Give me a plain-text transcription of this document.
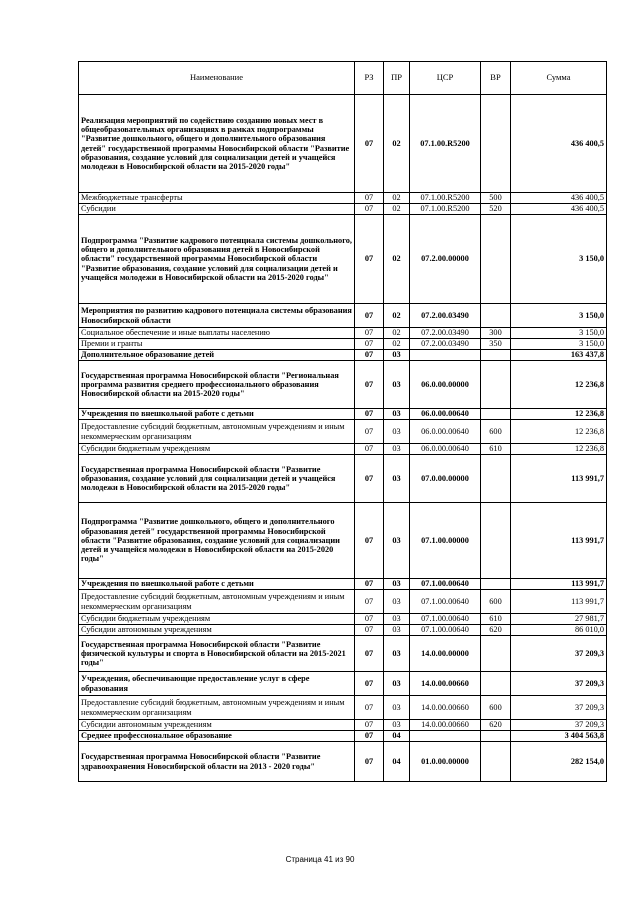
Наименование	РЗ	ПР	ЦСР	ВР	Сумма
Реализация мероприятий по содействию созданию новых мест в общеобразовательных организациях в рамках подпрограммы "Развитие дошкольного, общего и дополнительного образования детей" государственной программы Новосибирской области "Развитие образования, создание условий для социализации детей и учащейся молодежи в Новосибирской области на 2015-2020 годы"	07	02	07.1.00.R5200		436 400,5
Межбюджетные трансферты	07	02	07.1.00.R5200	500	436 400,5
Субсидии	07	02	07.1.00.R5200	520	436 400,5
Подпрограмма "Развитие кадрового потенциала системы дошкольного, общего и дополнительного образования детей в Новосибирской области" государственной программы Новосибирской области "Развитие образования, создание условий для социализации детей и учащейся молодежи в Новосибирской области на 2015-2020 годы"	07	02	07.2.00.00000		3 150,0
Мероприятия по развитию кадрового потенциала системы образования Новосибирской области	07	02	07.2.00.03490		3 150,0
Социальное обеспечение и иные выплаты населению	07	02	07.2.00.03490	300	3 150,0
Премии и гранты	07	02	07.2.00.03490	350	3 150,0
Дополнительное образование детей	07	03			163 437,8
Государственная программа Новосибирской области "Региональная программа развития среднего профессионального образования Новосибирской области на 2015-2020 годы"	07	03	06.0.00.00000		12 236,8
Учреждения по внешкольной работе с детьми	07	03	06.0.00.00640		12 236,8
Предоставление субсидий бюджетным, автономным учреждениям и иным некоммерческим организациям	07	03	06.0.00.00640	600	12 236,8
Субсидии бюджетным учреждениям	07	03	06.0.00.00640	610	12 236,8
Государственная программа Новосибирской области "Развитие образования, создание условий для социализации детей и учащейся молодежи в Новосибирской области на 2015-2020 годы"	07	03	07.0.00.00000		113 991,7
Подпрограмма "Развитие дошкольного, общего и дополнительного образования детей" государственной программы Новосибирской области "Развитие образования, создание условий для социализации детей и учащейся молодежи в Новосибирской области на 2015-2020 годы"	07	03	07.1.00.00000		113 991,7
Учреждения по внешкольной работе с детьми	07	03	07.1.00.00640		113 991,7
Предоставление субсидий бюджетным, автономным учреждениям и иным некоммерческим организациям	07	03	07.1.00.00640	600	113 991,7
Субсидии бюджетным учреждениям	07	03	07.1.00.00640	610	27 981,7
Субсидии автономным учреждениям	07	03	07.1.00.00640	620	86 010,0
Государственная программа Новосибирской области "Развитие физической культуры и спорта в Новосибирской области на 2015-2021 годы"	07	03	14.0.00.00000		37 209,3
Учреждения, обеспечивающие предоставление услуг в сфере образования	07	03	14.0.00.00660		37 209,3
Предоставление субсидий бюджетным, автономным учреждениям и иным некоммерческим организациям	07	03	14.0.00.00660	600	37 209,3
Субсидии автономным учреждениям	07	03	14.0.00.00660	620	37 209,3
Среднее профессиональное образование	07	04			3 404 563,8
Государственная программа Новосибирской области "Развитие здравоохранения Новосибирской области на 2013 - 2020 годы"	07	04	01.0.00.00000		282 154,0
Страница 41 из 90
